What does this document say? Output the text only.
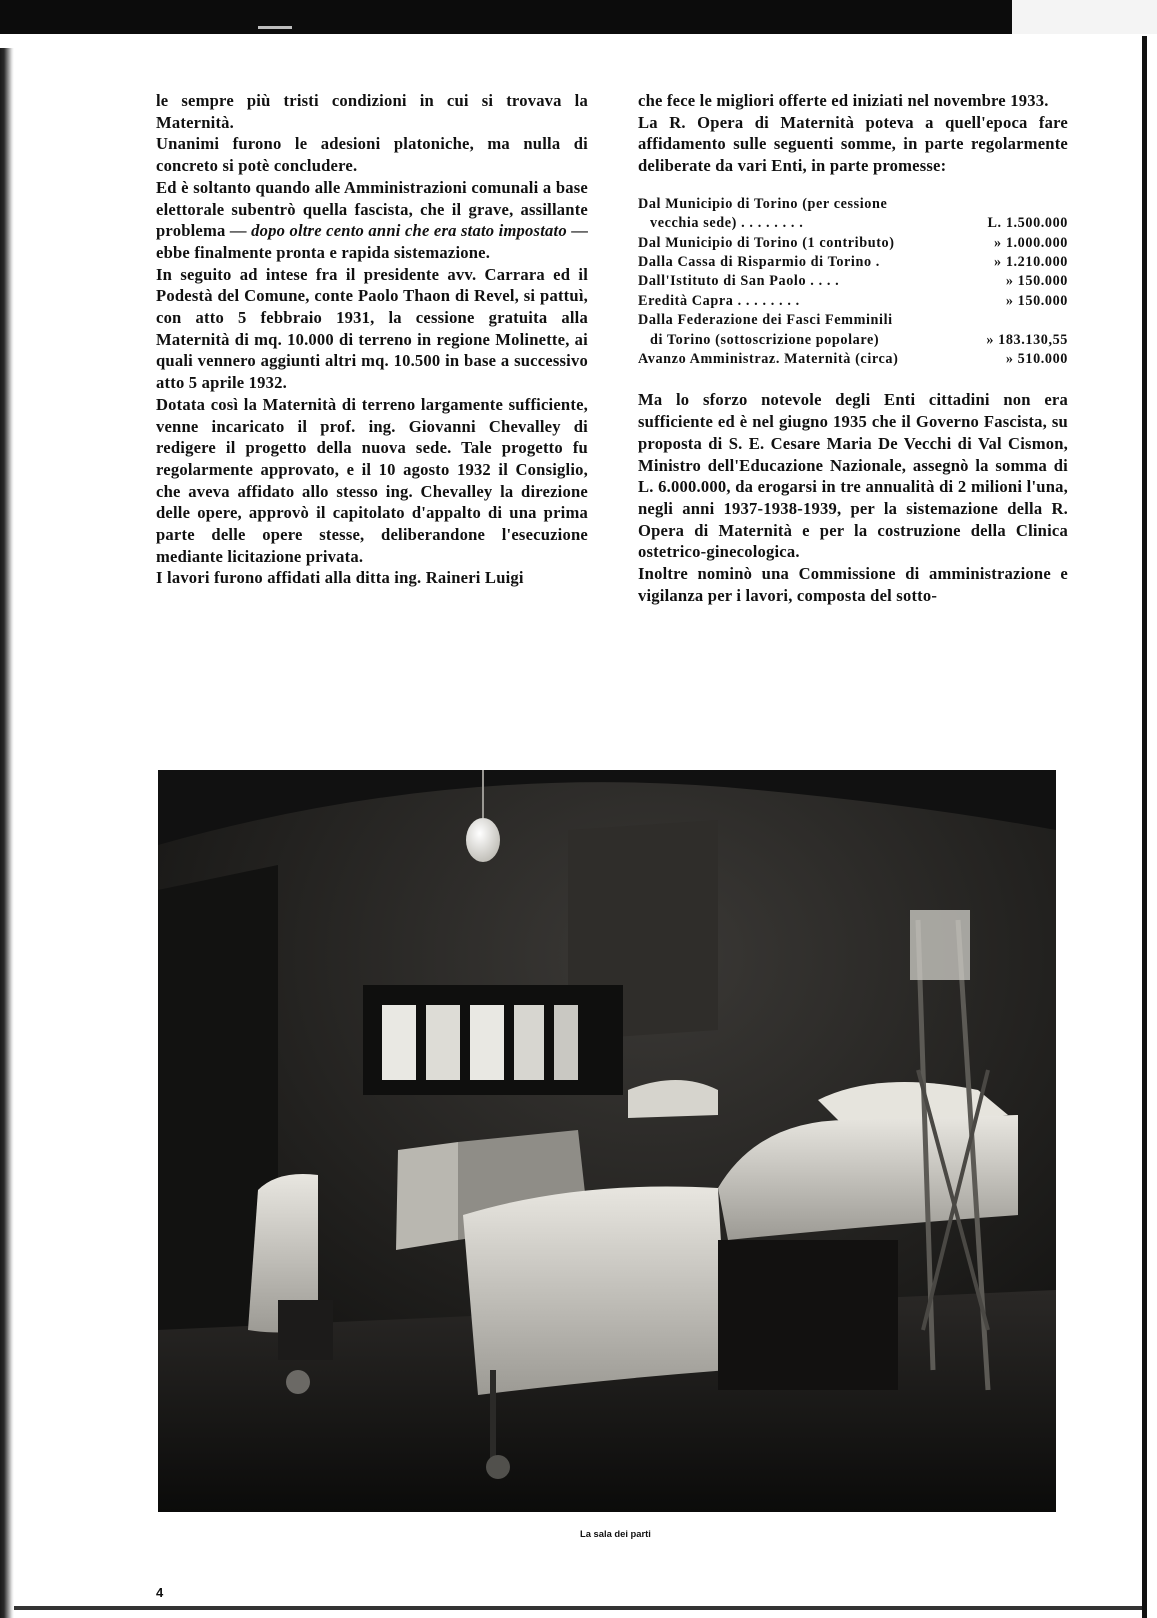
le sempre più tristi condizioni in cui si trovava la Maternità.

Unanimi furono le adesioni platoniche, ma nulla di concreto si potè concludere.

Ed è soltanto quando alle Amministrazioni comunali a base elettorale subentrò quella fascista, che il grave, assillante problema — dopo oltre cento anni che era stato impostato — ebbe finalmente pronta e rapida sistemazione.

In seguito ad intese fra il presidente avv. Carrara ed il Podestà del Comune, conte Paolo Thaon di Revel, si pattuì, con atto 5 febbraio 1931, la cessione gratuita alla Maternità di mq. 10.000 di terreno in regione Molinette, ai quali vennero aggiunti altri mq. 10.500 in base a successivo atto 5 aprile 1932.

Dotata così la Maternità di terreno largamente sufficiente, venne incaricato il prof. ing. Giovanni Chevalley di redigere il progetto della nuova sede. Tale progetto fu regolarmente approvato, e il 10 agosto 1932 il Consiglio, che aveva affidato allo stesso ing. Chevalley la direzione delle opere, approvò il capitolato d'appalto di una prima parte delle opere stesse, deliberandone l'esecuzione mediante licitazione privata.

I lavori furono affidati alla ditta ing. Raineri Luigi

che fece le migliori offerte ed iniziati nel novembre 1933.

La R. Opera di Maternità poteva a quell'epoca fare affidamento sulle seguenti somme, in parte regolarmente deliberate da vari Enti, in parte promesse:

Dal Municipio di Torino (per cessione
vecchia sede) . . . . . . . .	L. 1.500.000
Dal Municipio di Torino (1 contributo)	» 1.000.000
Dalla Cassa di Risparmio di Torino .	» 1.210.000
Dall'Istituto di San Paolo . . . .	» 150.000
Eredità Capra . . . . . . . .	» 150.000
Dalla Federazione dei Fasci Femminili
di Torino (sottoscrizione popolare)	» 183.130,55
Avanzo Amministraz. Maternità (circa)	» 510.000

Ma lo sforzo notevole degli Enti cittadini non era sufficiente ed è nel giugno 1935 che il Governo Fascista, su proposta di S. E. Cesare Maria De Vecchi di Val Cismon, Ministro dell'Educazione Nazionale, assegnò la somma di L. 6.000.000, da erogarsi in tre annualità di 2 milioni l'una, negli anni 1937-1938-1939, per la sistemazione della R. Opera di Maternità e per la costruzione della Clinica ostetrico-ginecologica.

Inoltre nominò una Commissione di amministrazione e vigilanza per i lavori, composta del sotto-

La sala dei parti
4
